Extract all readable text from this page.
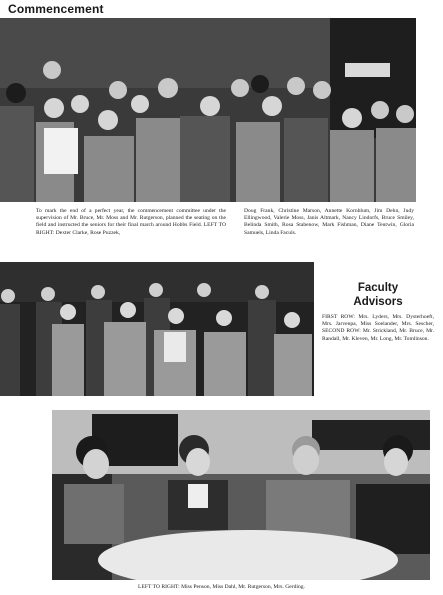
Commencement
To mark the end of a perfect year, the commencement committee under the supervision of Mr. Bruce, Mr. Moss and Mr. Rutgerson, planned the seating on the field and instructed the seniors for their final march around Hobbs Field. LEFT TO RIGHT: Dexter Clarke, Rose Puzzek,
Doug Frank, Christine Marson, Annette Kornblum, Jim Dehn, Judy Ellingwood, Valerie Moss, Janis Altmark, Nancy Lindorfs, Bruce Smiley, Belinda Smith, Rosa Stabenow, Mark Fishman, Diane Teutwin, Gloria Samuels, Linda Faculs.
Faculty
Advisors
FIRST ROW: Mrs. Lyders, Mrs. Dysterhoeft, Mrs. Jarvenpa, Miss Soelander, Mrs. Sescher, SECOND ROW: Mr. Strickland, Mr. Bruce, Mr. Randall, Mr. Kleven, Mr. Long, Mr. Tomlinson.
LEFT TO RIGHT: Miss Penson, Miss Dahl, Mr. Rutgerson, Mrs. Gerding.
